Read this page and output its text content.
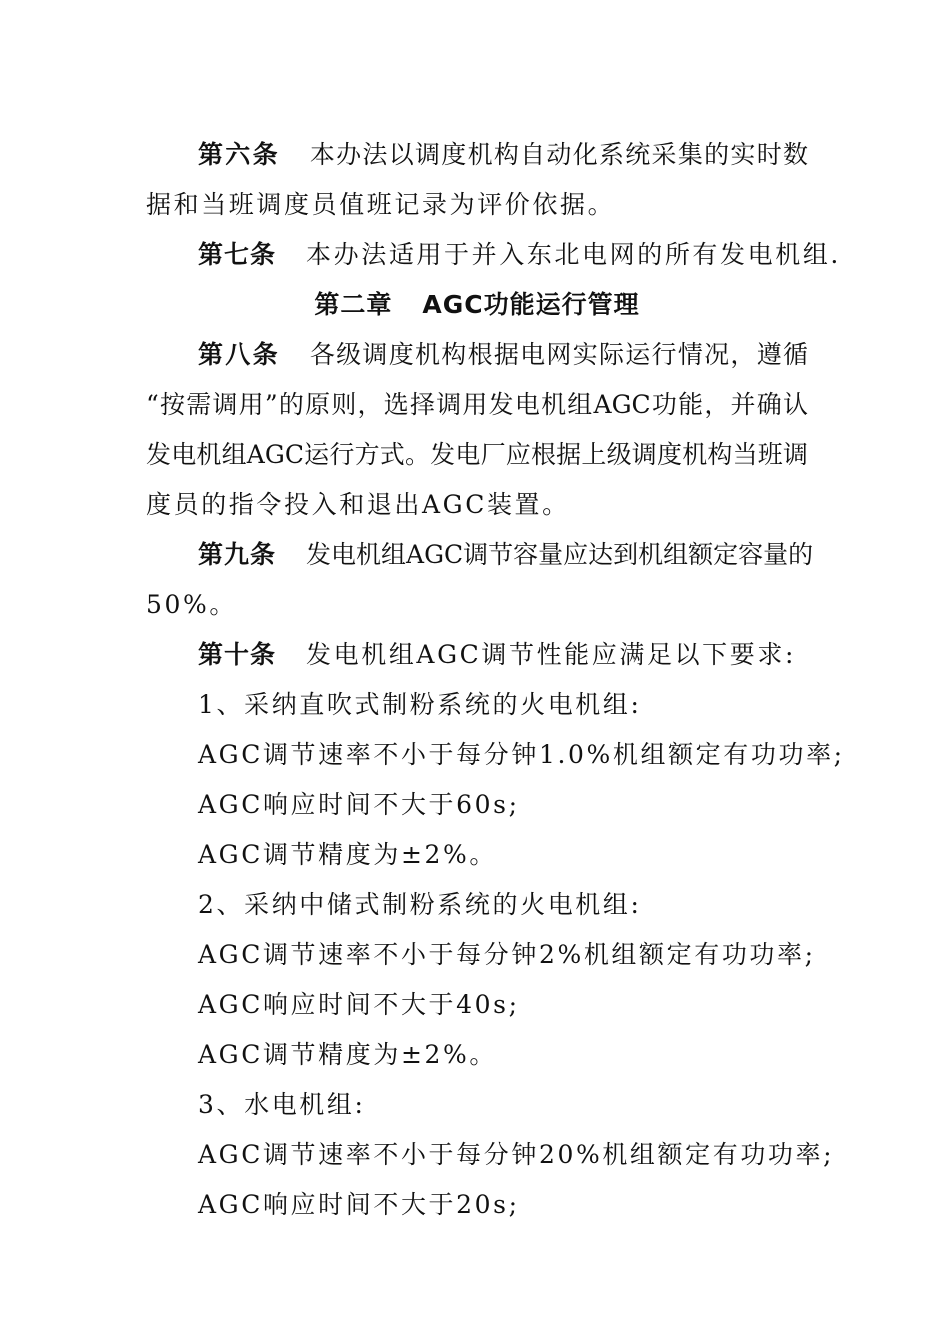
第六条 本办法以调度机构自动化系统采集的实时数
据和当班调度员值班记录为评价依据。
第七条 本办法适用于并入东北电网的所有发电机组.
第二章 AGC功能运行管理
第八条 各级调度机构根据电网实际运行情况，遵循
“按需调用”的原则，选择调用发电机组AGC功能，并确认
发电机组AGC运行方式。发电厂应根据上级调度机构当班调
度员的指令投入和退出AGC装置。
第九条 发电机组AGC调节容量应达到机组额定容量的
50%。
第十条 发电机组AGC调节性能应满足以下要求:
1、采纳直吹式制粉系统的火电机组:
AGC调节速率不小于每分钟1.0%机组额定有功功率;
AGC响应时间不大于60s;
AGC调节精度为±2%。
2、采纳中储式制粉系统的火电机组:
AGC调节速率不小于每分钟2%机组额定有功功率;
AGC响应时间不大于40s;
AGC调节精度为±2%。
3、水电机组:
AGC调节速率不小于每分钟20%机组额定有功功率;
AGC响应时间不大于20s;
